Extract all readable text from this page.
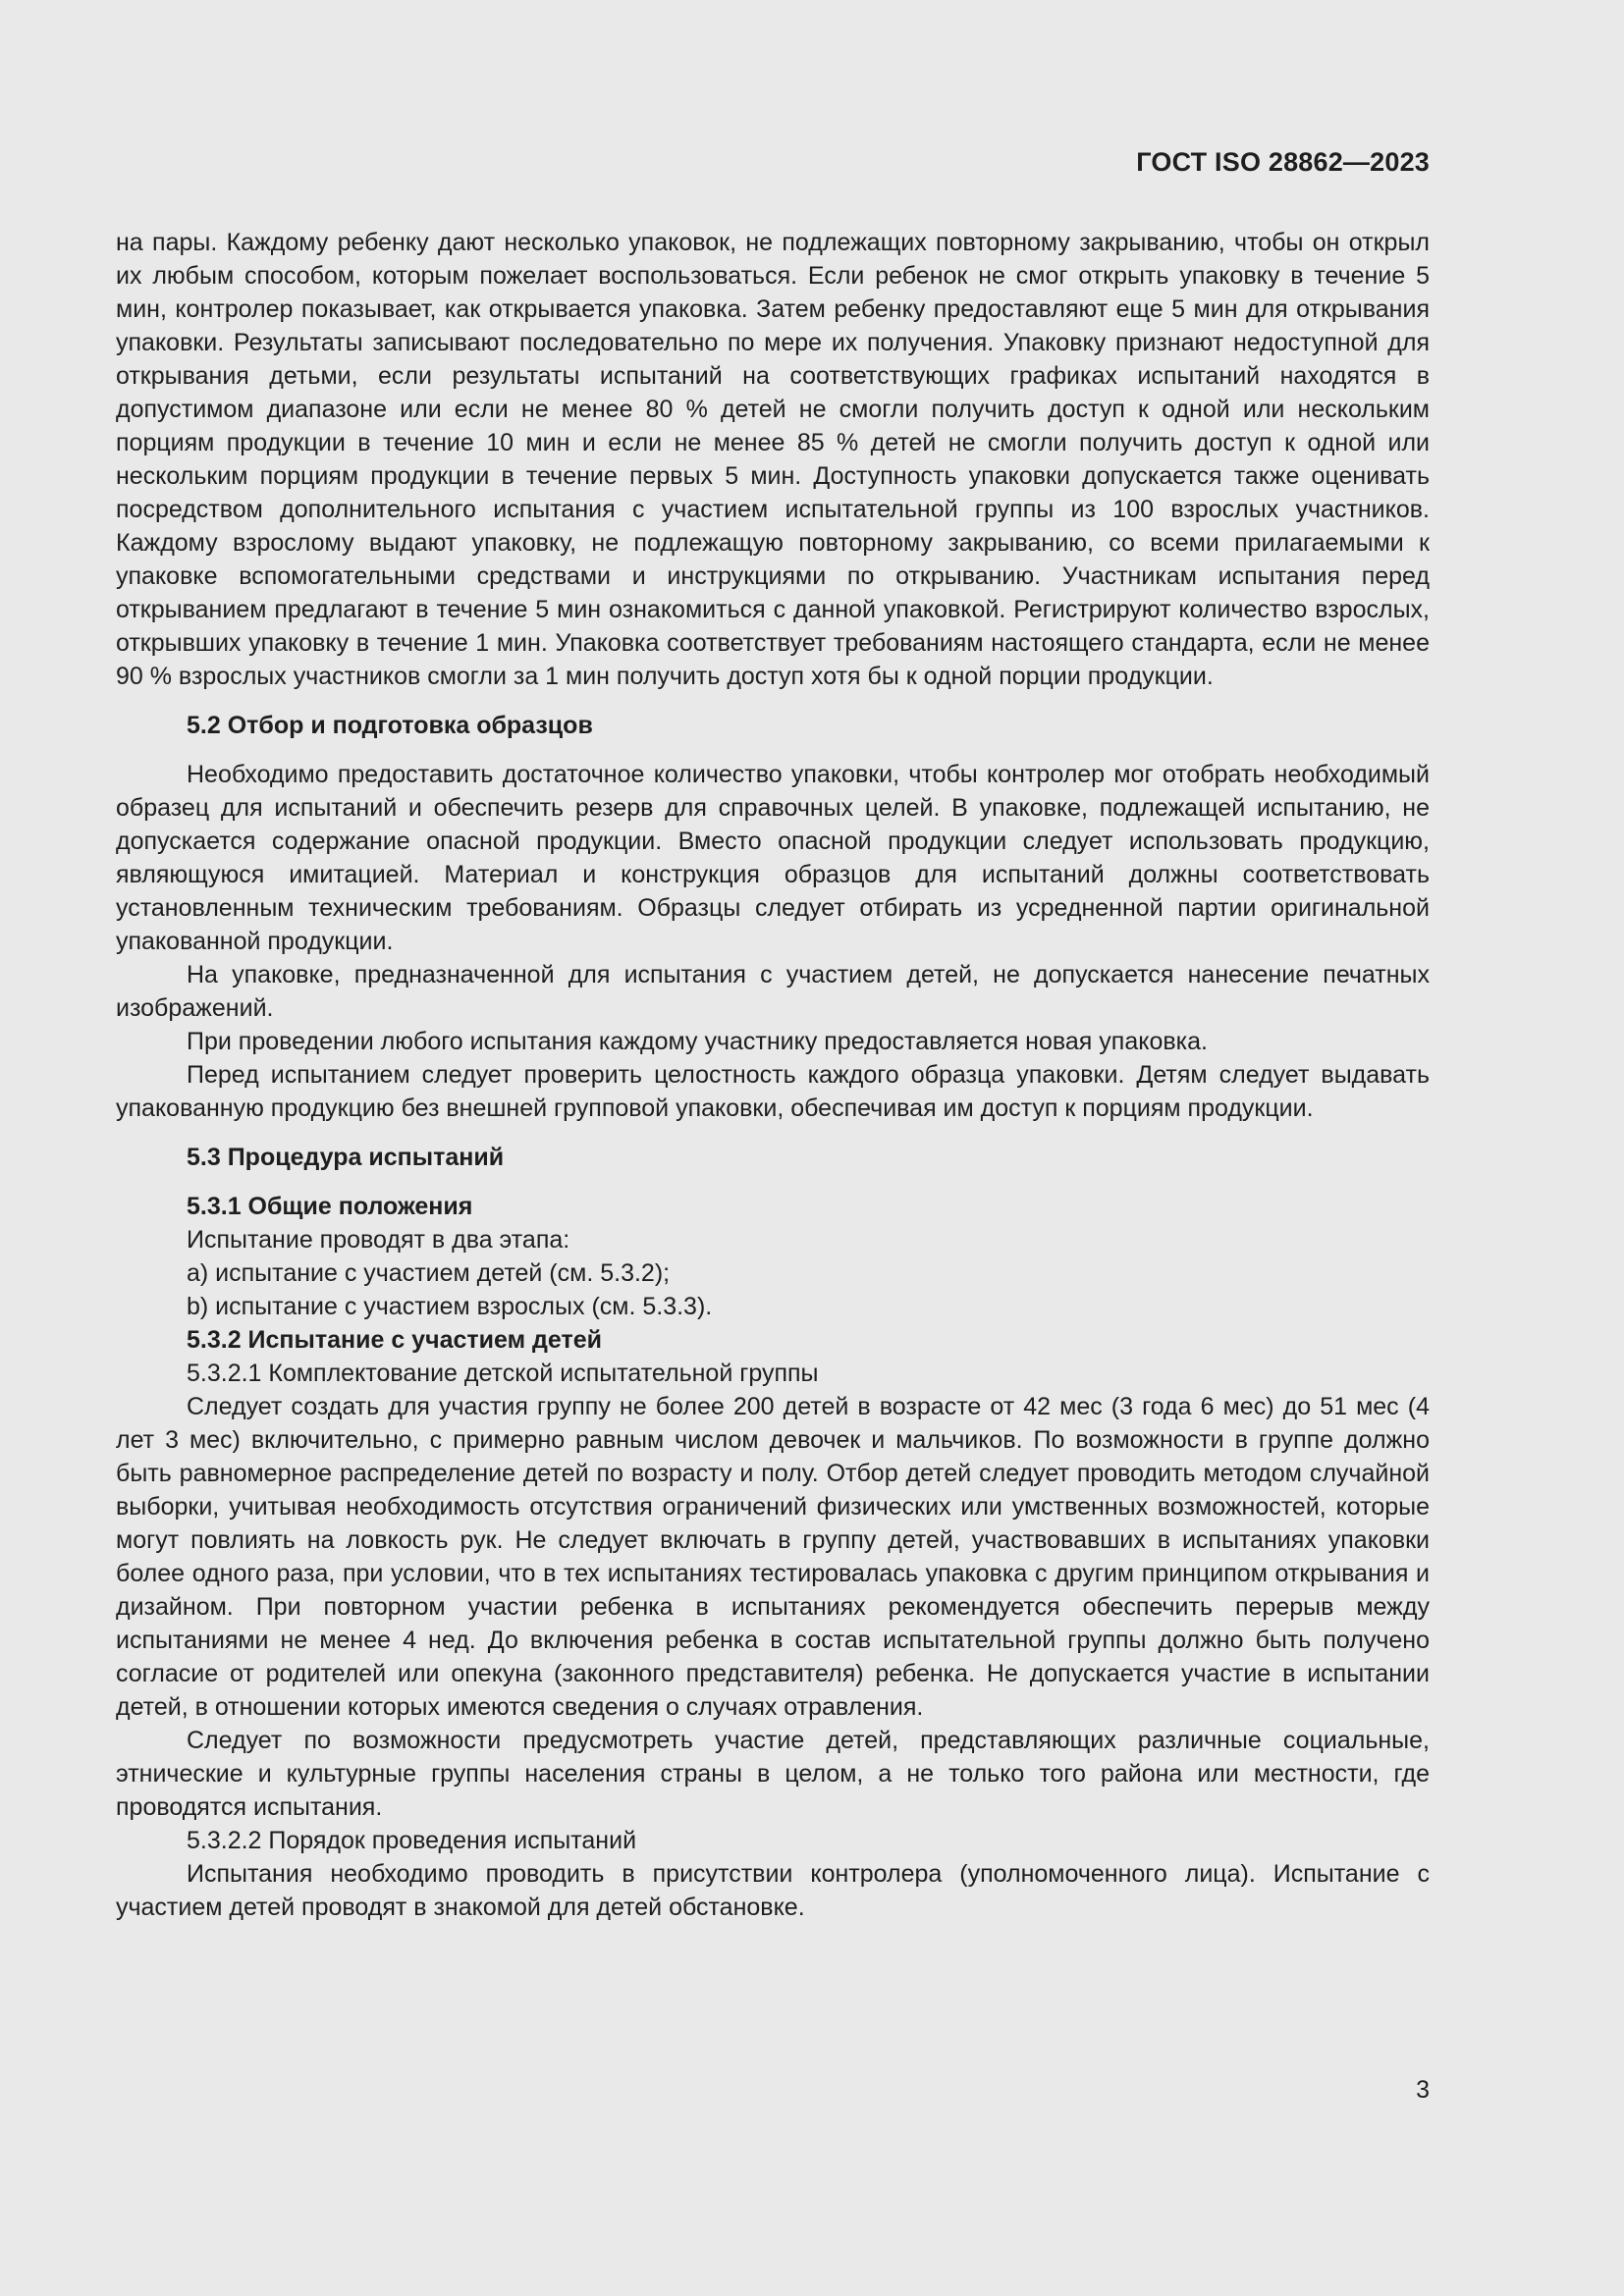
ГОСТ ISO 28862—2023

на пары. Каждому ребенку дают несколько упаковок, не подлежащих повторному закрыванию, чтобы он открыл их любым способом, которым пожелает воспользоваться. Если ребенок не смог открыть упаковку в течение 5 мин, контролер показывает, как открывается упаковка. Затем ребенку предоставляют еще 5 мин для открывания упаковки. Результаты записывают последовательно по мере их получения. Упаковку признают недоступной для открывания детьми, если результаты испытаний на соответствующих графиках испытаний находятся в допустимом диапазоне или если не менее 80 % детей не смогли получить доступ к одной или нескольким порциям продукции в течение 10 мин и если не менее 85 % детей не смогли получить доступ к одной или нескольким порциям продукции в течение первых 5 мин. Доступность упаковки допускается также оценивать посредством дополнительного испытания с участием испытательной группы из 100 взрослых участников. Каждому взрослому выдают упаковку, не подлежащую повторному закрыванию, со всеми прилагаемыми к упаковке вспомогательными средствами и инструкциями по открыванию. Участникам испытания перед открыванием предлагают в течение 5 мин ознакомиться с данной упаковкой. Регистрируют количество взрослых, открывших упаковку в течение 1 мин. Упаковка соответствует требованиям настоящего стандарта, если не менее 90 % взрослых участников смогли за 1 мин получить доступ хотя бы к одной порции продукции.

5.2 Отбор и подготовка образцов

Необходимо предоставить достаточное количество упаковки, чтобы контролер мог отобрать необходимый образец для испытаний и обеспечить резерв для справочных целей. В упаковке, подлежащей испытанию, не допускается содержание опасной продукции. Вместо опасной продукции следует использовать продукцию, являющуюся имитацией. Материал и конструкция образцов для испытаний должны соответствовать установленным техническим требованиям. Образцы следует отбирать из усредненной партии оригинальной упакованной продукции.

На упаковке, предназначенной для испытания с участием детей, не допускается нанесение печатных изображений.

При проведении любого испытания каждому участнику предоставляется новая упаковка.

Перед испытанием следует проверить целостность каждого образца упаковки. Детям следует выдавать упакованную продукцию без внешней групповой упаковки, обеспечивая им доступ к порциям продукции.

5.3 Процедура испытаний

5.3.1 Общие положения

Испытание проводят в два этапа:

a) испытание с участием детей (см. 5.3.2);

b) испытание с участием взрослых (см. 5.3.3).

5.3.2 Испытание с участием детей

5.3.2.1 Комплектование детской испытательной группы

Следует создать для участия группу не более 200 детей в возрасте от 42 мес (3 года 6 мес) до 51 мес (4 лет 3 мес) включительно, с примерно равным числом девочек и мальчиков. По возможности в группе должно быть равномерное распределение детей по возрасту и полу. Отбор детей следует проводить методом случайной выборки, учитывая необходимость отсутствия ограничений физических или умственных возможностей, которые могут повлиять на ловкость рук. Не следует включать в группу детей, участвовавших в испытаниях упаковки более одного раза, при условии, что в тех испытаниях тестировалась упаковка с другим принципом открывания и дизайном. При повторном участии ребенка в испытаниях рекомендуется обеспечить перерыв между испытаниями не менее 4 нед. До включения ребенка в состав испытательной группы должно быть получено согласие от родителей или опекуна (законного представителя) ребенка. Не допускается участие в испытании детей, в отношении которых имеются сведения о случаях отравления.

Следует по возможности предусмотреть участие детей, представляющих различные социальные, этнические и культурные группы населения страны в целом, а не только того района или местности, где проводятся испытания.

5.3.2.2 Порядок проведения испытаний

Испытания необходимо проводить в присутствии контролера (уполномоченного лица). Испытание с участием детей проводят в знакомой для детей обстановке.

3
